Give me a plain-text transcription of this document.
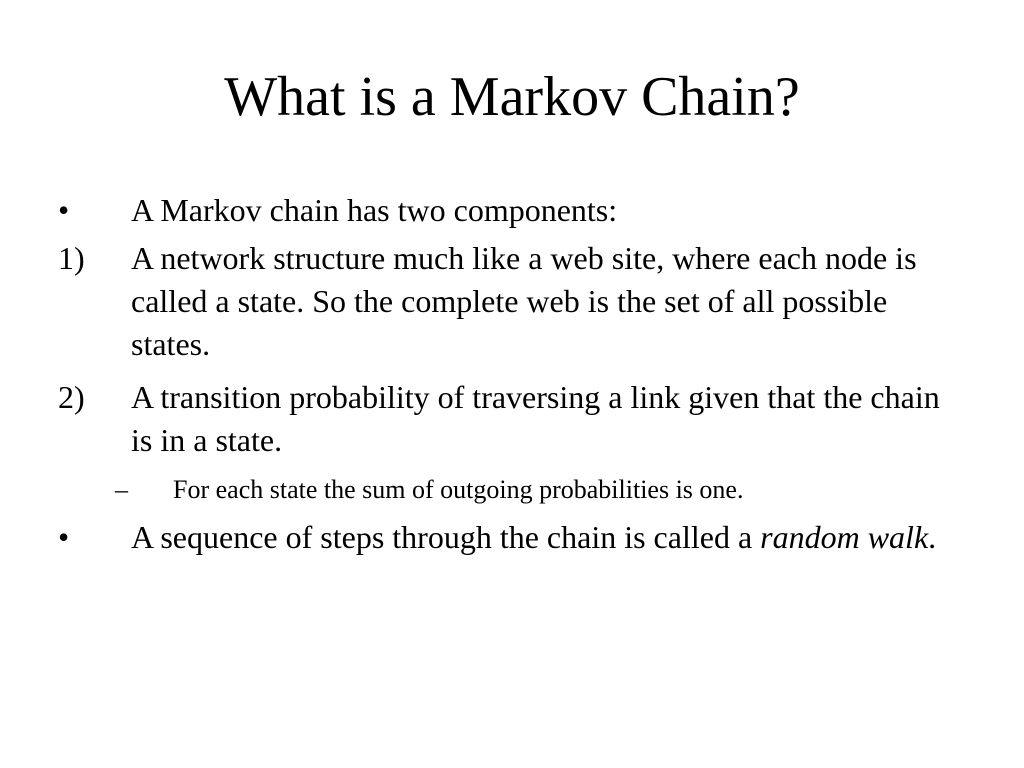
What is a Markov Chain?
• A Markov chain has two components:
1) A network structure much like a web site, where each node is called a state. So the complete web is the set of all possible states.
2) A transition probability of traversing a link given that the chain is in a state.
– For each state the sum of outgoing probabilities is one.
• A sequence of steps through the chain is called a random walk.
